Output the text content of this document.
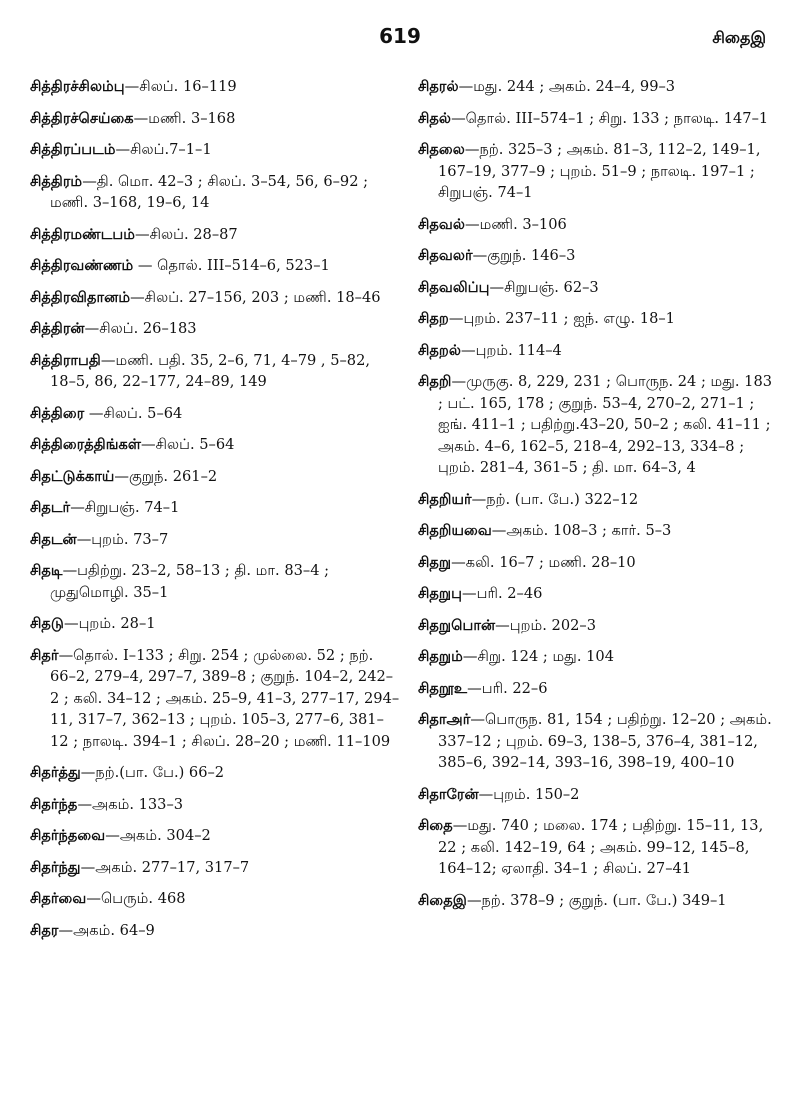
619	சிதைஇ
சித்திரச்சிலம்பு—சிலப். 16–119
சித்திரச்செய்கை—மணி. 3–168
சித்திரப்படம்—சிலப்.7–1–1
சித்திரம்—தி. மொ. 42–3 ; சிலப். 3–54, 56, 6–92 ; மணி. 3–168, 19–6, 14
சித்திரமண்டபம்—சிலப். 28–87
சித்திரவண்ணம் — தொல். III–514–6, 523–1
சித்திரவிதானம்—சிலப். 27–156, 203 ; மணி. 18–46
சித்திரன்—சிலப். 26–183
சித்திராபதி—மணி. பதி. 35, 2–6, 71, 4–79 , 5–82, 18–5, 86, 22–177, 24–89, 149
சித்திரை —சிலப். 5–64
சித்திரைத்திங்கள்—சிலப். 5–64
சிதட்டுக்காய்—குறுந். 261–2
சிதடர்—சிறுபஞ். 74–1
சிதடன்—புறம். 73–7
சிதடி—பதிற்று. 23–2, 58–13 ; தி. மா. 83–4 ; முதுமொழி. 35–1
சிதடு—புறம். 28–1
சிதர்—தொல். I–133 ; சிறு. 254 ; முல்லை. 52 ; நற். 66–2, 279–4, 297–7, 389–8 ; குறுந். 104–2, 242–2 ; கலி. 34–12 ; அகம். 25–9, 41–3, 277–17, 294–11, 317–7, 362–13 ; புறம். 105–3, 277–6, 381–12 ; நாலடி. 394–1 ; சிலப். 28–20 ; மணி. 11–109
சிதர்த்து—நற்.(பா. பே.) 66–2
சிதர்ந்த—அகம். 133–3
சிதர்ந்தவை—அகம். 304–2
சிதர்ந்து—அகம். 277–17, 317–7
சிதர்வை—பெரும். 468
சிதர—அகம். 64–9
சிதரல்—மது. 244 ; அகம். 24–4, 99–3
சிதல்—தொல். III–574–1 ; சிறு. 133 ; நாலடி. 147–1
சிதலை—நற். 325–3 ; அகம். 81–3, 112–2, 149–1, 167–19, 377–9 ; புறம். 51–9 ; நாலடி. 197–1 ; சிறுபஞ். 74–1
சிதவல்—மணி. 3–106
சிதவலர்—குறுந். 146–3
சிதவலிப்பு—சிறுபஞ். 62–3
சிதற—புறம். 237–11 ; ஐந். எழு. 18–1
சிதறல்—புறம். 114–4
சிதறி—முருகு. 8, 229, 231 ; பொருந. 24 ; மது. 183 ; பட். 165, 178 ; குறுந். 53–4, 270–2, 271–1 ; ஐங். 411–1 ; பதிற்று.43–20, 50–2 ; கலி. 41–11 ; அகம். 4–6, 162–5, 218–4, 292–13, 334–8 ; புறம். 281–4, 361–5 ; தி. மா. 64–3, 4
சிதறியர்—நற். (பா. பே.) 322–12
சிதறியவை—அகம். 108–3 ; கார். 5–3
சிதறு—கலி. 16–7 ; மணி. 28–10
சிதறுபு—பரி. 2–46
சிதறுபொன்—புறம். 202–3
சிதறும்—சிறு. 124 ; மது. 104
சிதறூஉ—பரி. 22–6
சிதாஅர்—பொருந. 81, 154 ; பதிற்று. 12–20 ; அகம். 337–12 ; புறம். 69–3, 138–5, 376–4, 381–12, 385–6, 392–14, 393–16, 398–19, 400–10
சிதாரேன்—புறம். 150–2
சிதை—மது. 740 ; மலை. 174 ; பதிற்று. 15–11, 13, 22 ; கலி. 142–19, 64 ; அகம். 99–12, 145–8, 164–12; ஏலாதி. 34–1 ; சிலப். 27–41
சிதைஇ—நற். 378–9 ; குறுந். (பா. பே.) 349–1
